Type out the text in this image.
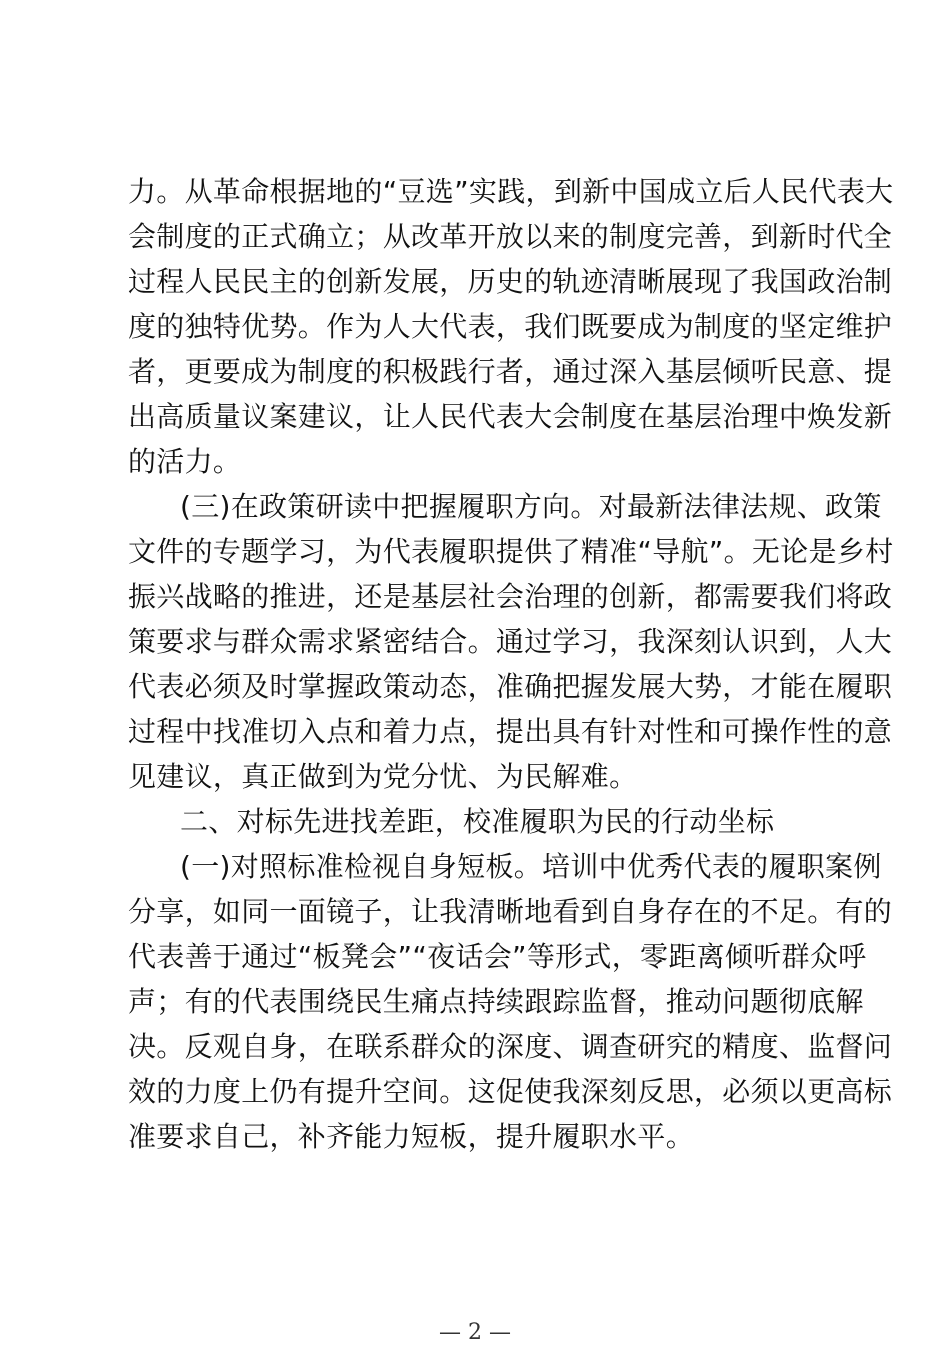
力。从革命根据地的“豆选”实践，到新中国成立后人民代表大
会制度的正式确立；从改革开放以来的制度完善，到新时代全
过程人民民主的创新发展，历史的轨迹清晰展现了我国政治制
度的独特优势。作为人大代表，我们既要成为制度的坚定维护
者，更要成为制度的积极践行者，通过深入基层倾听民意、提
出高质量议案建议，让人民代表大会制度在基层治理中焕发新
的活力。
(三)在政策研读中把握履职方向。对最新法律法规、政策
文件的专题学习，为代表履职提供了精准“导航”。无论是乡村
振兴战略的推进，还是基层社会治理的创新，都需要我们将政
策要求与群众需求紧密结合。通过学习，我深刻认识到，人大
代表必须及时掌握政策动态，准确把握发展大势，才能在履职
过程中找准切入点和着力点，提出具有针对性和可操作性的意
见建议，真正做到为党分忧、为民解难。
二、对标先进找差距，校准履职为民的行动坐标
(一)对照标准检视自身短板。培训中优秀代表的履职案例
分享，如同一面镜子，让我清晰地看到自身存在的不足。有的
代表善于通过“板凳会”“夜话会”等形式，零距离倾听群众呼
声；有的代表围绕民生痛点持续跟踪监督，推动问题彻底解
决。反观自身，在联系群众的深度、调查研究的精度、监督问
效的力度上仍有提升空间。这促使我深刻反思，必须以更高标
准要求自己，补齐能力短板，提升履职水平。
— 2 —
